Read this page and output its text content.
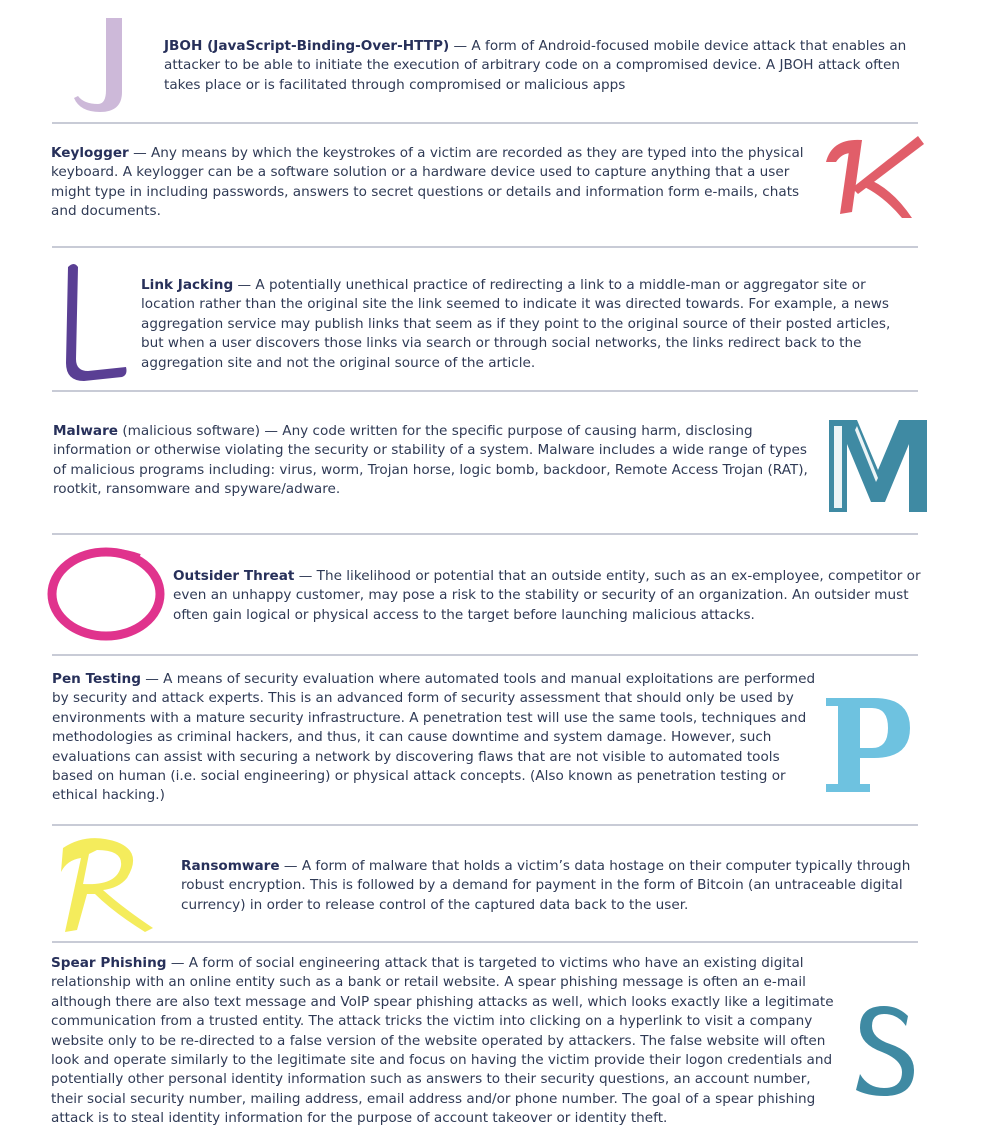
JBOH (JavaScript-Binding-Over-HTTP) — A form of Android-focused mobile device attack that enables an attacker to be able to initiate the execution of arbitrary code on a compromised device. A JBOH attack often takes place or is facilitated through compromised or malicious apps

Keylogger — Any means by which the keystrokes of a victim are recorded as they are typed into the physical keyboard. A keylogger can be a software solution or a hardware device used to capture anything that a user might type in including passwords, answers to secret questions or details and information form e-mails, chats and documents.

Link Jacking — A potentially unethical practice of redirecting a link to a middle-man or aggregator site or location rather than the original site the link seemed to indicate it was directed towards. For example, a news aggregation service may publish links that seem as if they point to the original source of their posted articles, but when a user discovers those links via search or through social networks, the links redirect back to the aggregation site and not the original source of the article.

Malware (malicious software) — Any code written for the specific purpose of causing harm, disclosing information or otherwise violating the security or stability of a system. Malware includes a wide range of types of malicious programs including: virus, worm, Trojan horse, logic bomb, backdoor, Remote Access Trojan (RAT), rootkit, ransomware and spyware/adware.

Outsider Threat — The likelihood or potential that an outside entity, such as an ex-employee, competitor or even an unhappy customer, may pose a risk to the stability or security of an organization. An outsider must often gain logical or physical access to the target before launching malicious attacks.

Pen Testing — A means of security evaluation where automated tools and manual exploitations are performed by security and attack experts. This is an advanced form of security assessment that should only be used by environments with a mature security infrastructure. A penetration test will use the same tools, techniques and methodologies as criminal hackers, and thus, it can cause downtime and system damage. However, such evaluations can assist with securing a network by discovering flaws that are not visible to automated tools based on human (i.e. social engineering) or physical attack concepts. (Also known as penetration testing or ethical hacking.)

Ransomware — A form of malware that holds a victim’s data hostage on their computer typically through robust encryption. This is followed by a demand for payment in the form of Bitcoin (an untraceable digital currency) in order to release control of the captured data back to the user.

Spear Phishing — A form of social engineering attack that is targeted to victims who have an existing digital relationship with an online entity such as a bank or retail website. A spear phishing message is often an e-mail although there are also text message and VoIP spear phishing attacks as well, which looks exactly like a legitimate communication from a trusted entity. The attack tricks the victim into clicking on a hyperlink to visit a company website only to be re-directed to a false version of the website operated by attackers. The false website will often look and operate similarly to the legitimate site and focus on having the victim provide their logon credentials and potentially other personal identity information such as answers to their security questions, an account number, their social security number, mailing address, email address and/or phone number. The goal of a spear phishing attack is to steal identity information for the purpose of account takeover or identity theft.
